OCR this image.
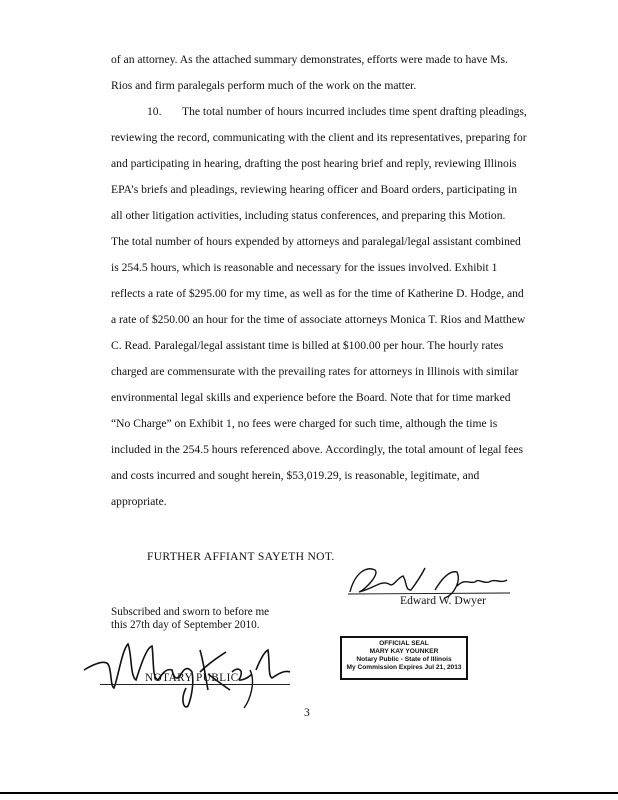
of an attorney. As the attached summary demonstrates, efforts were made to have Ms.
Rios and firm paralegals perform much of the work on the matter.
10. The total number of hours incurred includes time spent drafting pleadings,
reviewing the record, communicating with the client and its representatives, preparing for
and participating in hearing, drafting the post hearing brief and reply, reviewing Illinois
EPA’s briefs and pleadings, reviewing hearing officer and Board orders, participating in
all other litigation activities, including status conferences, and preparing this Motion.
The total number of hours expended by attorneys and paralegal/legal assistant combined
is 254.5 hours, which is reasonable and necessary for the issues involved. Exhibit 1
reflects a rate of $295.00 for my time, as well as for the time of Katherine D. Hodge, and
a rate of $250.00 an hour for the time of associate attorneys Monica T. Rios and Matthew
C. Read. Paralegal/legal assistant time is billed at $100.00 per hour. The hourly rates
charged are commensurate with the prevailing rates for attorneys in Illinois with similar
environmental legal skills and experience before the Board. Note that for time marked
“No Charge” on Exhibit 1, no fees were charged for such time, although the time is
included in the 254.5 hours referenced above. Accordingly, the total amount of legal fees
and costs incurred and sought herein, $53,019.29, is reasonable, legitimate, and
appropriate.
FURTHER AFFIANT SAYETH NOT.
Edward W. Dwyer
Subscribed and sworn to before me
this 27th day of September 2010.
NOTARY PUBLIC
OFFICIAL SEAL
MARY KAY YOUNKER
Notary Public - State of Illinois
My Commission Expires Jul 21, 2013
3
